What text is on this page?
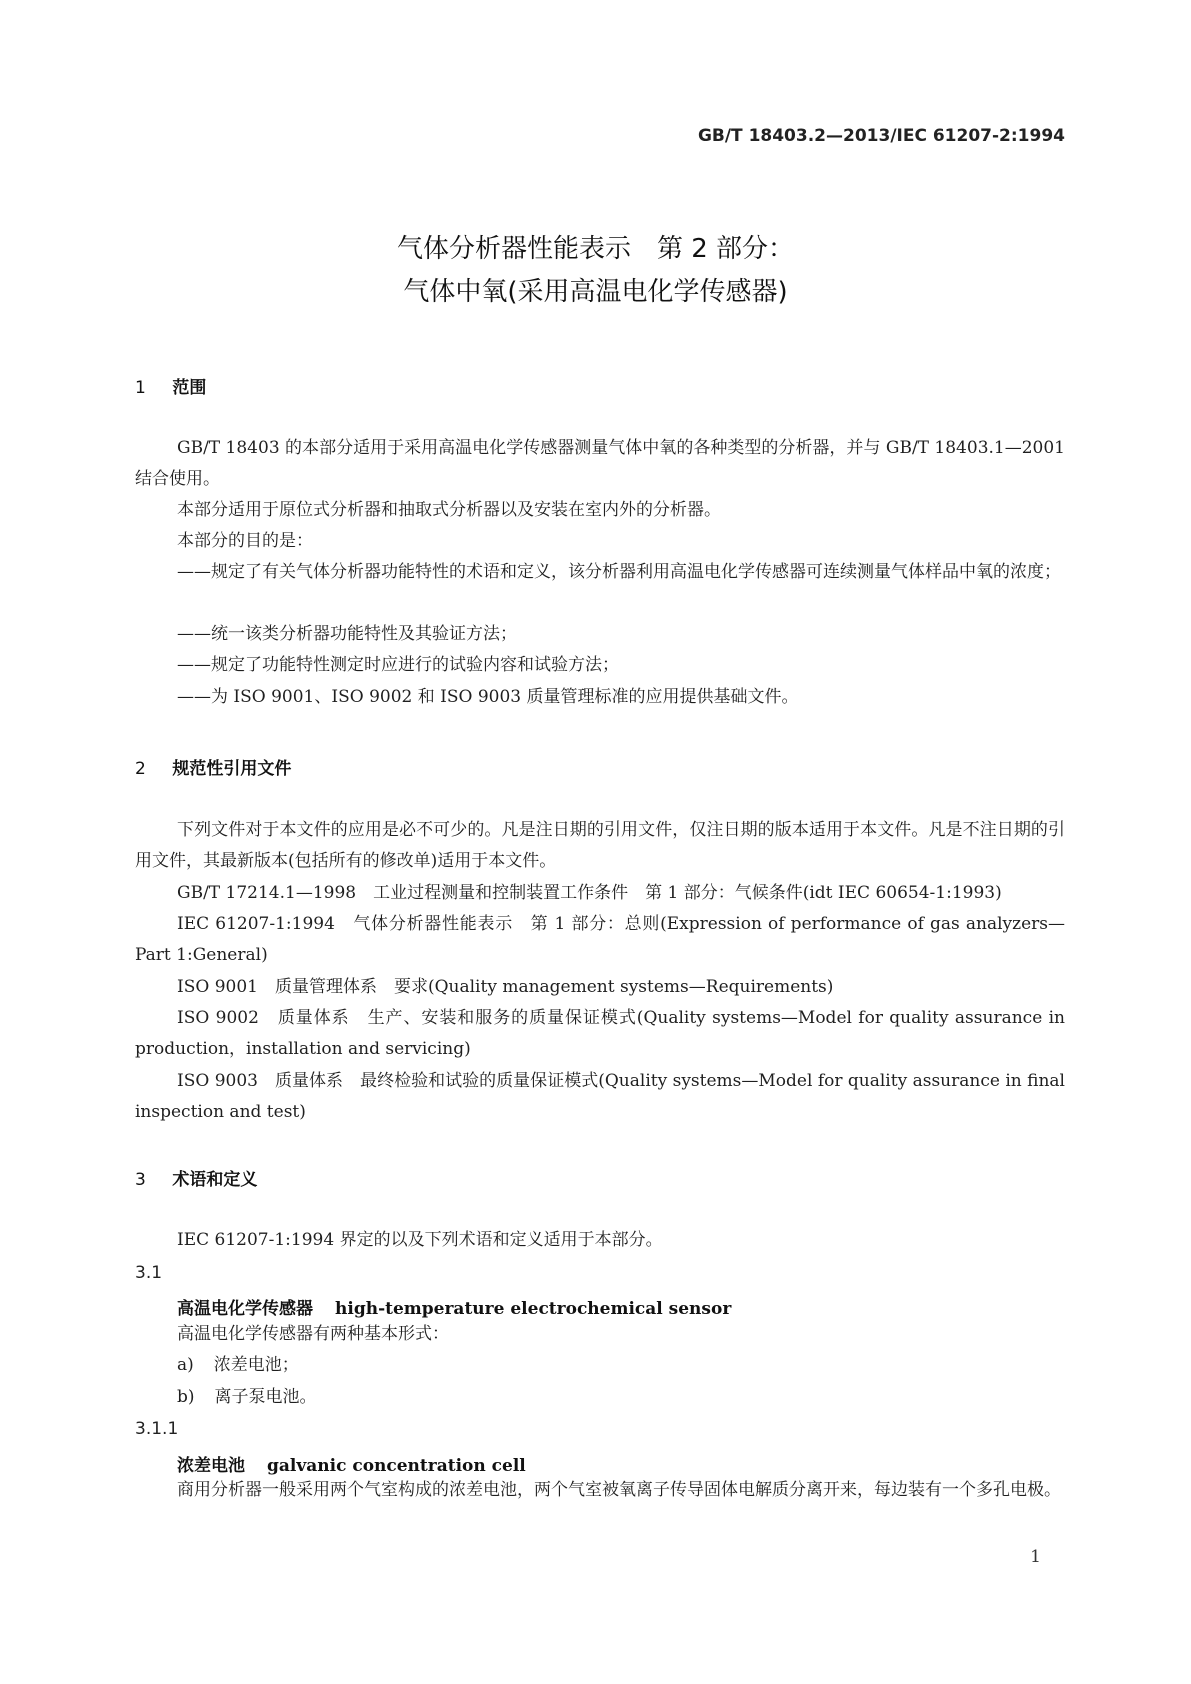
GB/T 18403.2—2013/IEC 61207-2:1994
气体分析器性能表示　第 2 部分：
气体中氧(采用高温电化学传感器)
1 范围

GB/T 18403 的本部分适用于采用高温电化学传感器测量气体中氧的各种类型的分析器，并与 GB/T 18403.1—2001 结合使用。

本部分适用于原位式分析器和抽取式分析器以及安装在室内外的分析器。

本部分的目的是：

——规定了有关气体分析器功能特性的术语和定义，该分析器利用高温电化学传感器可连续测量气体样品中氧的浓度；

——统一该类分析器功能特性及其验证方法；

——规定了功能特性测定时应进行的试验内容和试验方法；

——为 ISO 9001、ISO 9002 和 ISO 9003 质量管理标准的应用提供基础文件。

2 规范性引用文件

下列文件对于本文件的应用是必不可少的。凡是注日期的引用文件，仅注日期的版本适用于本文件。凡是不注日期的引用文件，其最新版本(包括所有的修改单)适用于本文件。

GB/T 17214.1—1998　工业过程测量和控制装置工作条件　第 1 部分：气候条件(idt IEC 60654-1:1993)

IEC 61207-1:1994　气体分析器性能表示　第 1 部分：总则(Expression of performance of gas analyzers—Part 1:General)

ISO 9001　质量管理体系　要求(Quality management systems—Requirements)

ISO 9002　质量体系　生产、安装和服务的质量保证模式(Quality systems—Model for quality assurance in production，installation and servicing)

ISO 9003　质量体系　最终检验和试验的质量保证模式(Quality systems—Model for quality assurance in final inspection and test)

3 术语和定义

IEC 61207-1:1994 界定的以及下列术语和定义适用于本部分。

3.1
高温电化学传感器 high-temperature electrochemical sensor

高温电化学传感器有两种基本形式：

a) 浓差电池；

b) 离子泵电池。

3.1.1
浓差电池 galvanic concentration cell

商用分析器一般采用两个气室构成的浓差电池，两个气室被氧离子传导固体电解质分离开来，每边装有一个多孔电极。

1
